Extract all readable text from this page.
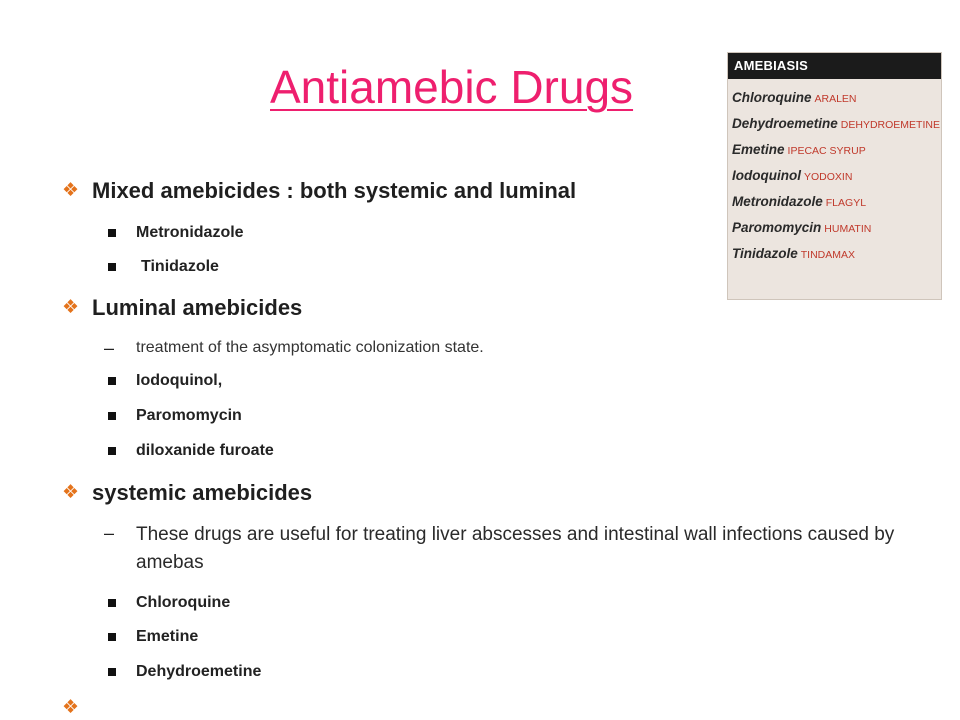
Antiamebic Drugs
❖ Mixed amebicides : both systemic and luminal
Metronidazole
Tinidazole
❖ Luminal amebicides
–	treatment of the asymptomatic colonization state.
Iodoquinol,
Paromomycin
diloxanide furoate
❖ systemic amebicides
–	These drugs are useful for treating liver abscesses and intestinal wall infections caused by amebas
Chloroquine
Emetine
Dehydroemetine
❖
AMEBIASIS
Chloroquine ARALEN
Dehydroemetine DEHYDROEMETINE
Emetine IPECAC SYRUP
Iodoquinol YODOXIN
Metronidazole FLAGYL
Paromomycin HUMATIN
Tinidazole TINDAMAX
